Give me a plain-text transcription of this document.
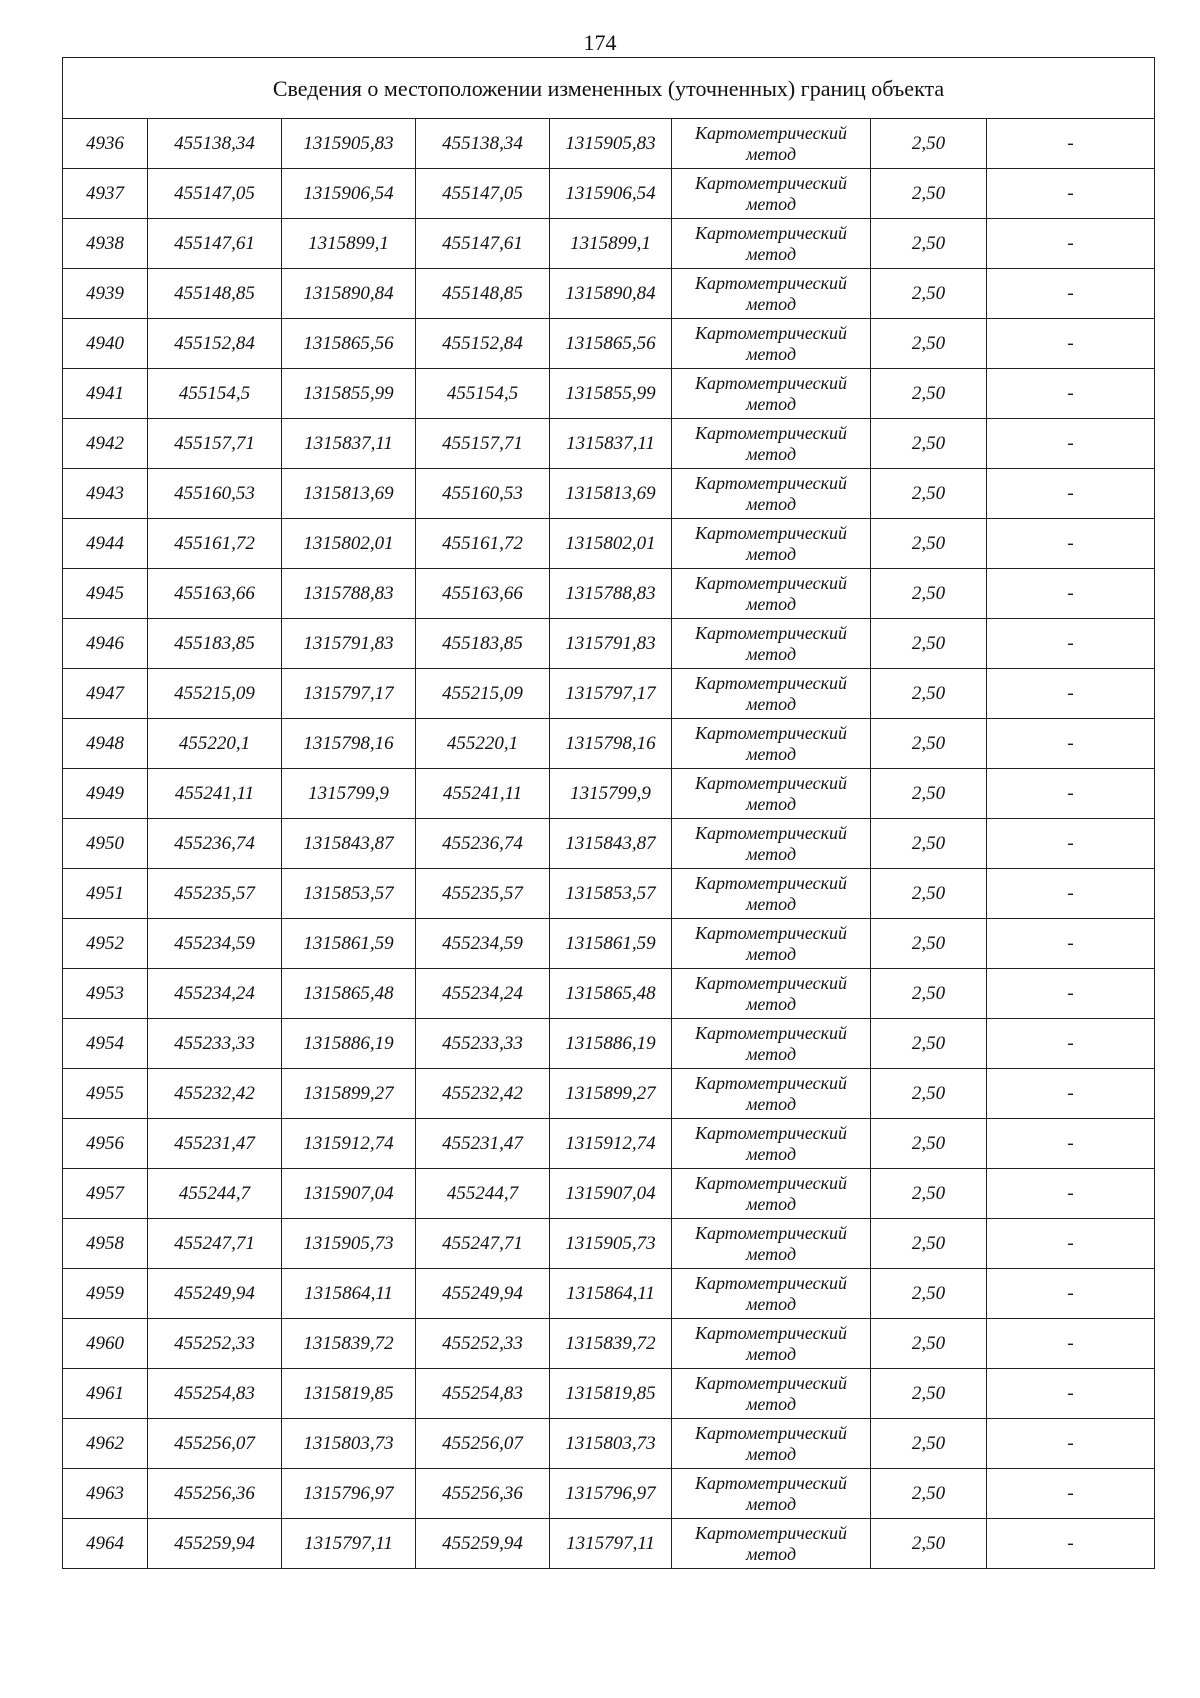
174
Сведения о местоположении измененных (уточненных) границ объекта							
4936	455138,34	1315905,83	455138,34	1315905,83	Картометрический
метод	2,50	-
4937	455147,05	1315906,54	455147,05	1315906,54	Картометрический
метод	2,50	-
4938	455147,61	1315899,1	455147,61	1315899,1	Картометрический
метод	2,50	-
4939	455148,85	1315890,84	455148,85	1315890,84	Картометрический
метод	2,50	-
4940	455152,84	1315865,56	455152,84	1315865,56	Картометрический
метод	2,50	-
4941	455154,5	1315855,99	455154,5	1315855,99	Картометрический
метод	2,50	-
4942	455157,71	1315837,11	455157,71	1315837,11	Картометрический
метод	2,50	-
4943	455160,53	1315813,69	455160,53	1315813,69	Картометрический
метод	2,50	-
4944	455161,72	1315802,01	455161,72	1315802,01	Картометрический
метод	2,50	-
4945	455163,66	1315788,83	455163,66	1315788,83	Картометрический
метод	2,50	-
4946	455183,85	1315791,83	455183,85	1315791,83	Картометрический
метод	2,50	-
4947	455215,09	1315797,17	455215,09	1315797,17	Картометрический
метод	2,50	-
4948	455220,1	1315798,16	455220,1	1315798,16	Картометрический
метод	2,50	-
4949	455241,11	1315799,9	455241,11	1315799,9	Картометрический
метод	2,50	-
4950	455236,74	1315843,87	455236,74	1315843,87	Картометрический
метод	2,50	-
4951	455235,57	1315853,57	455235,57	1315853,57	Картометрический
метод	2,50	-
4952	455234,59	1315861,59	455234,59	1315861,59	Картометрический
метод	2,50	-
4953	455234,24	1315865,48	455234,24	1315865,48	Картометрический
метод	2,50	-
4954	455233,33	1315886,19	455233,33	1315886,19	Картометрический
метод	2,50	-
4955	455232,42	1315899,27	455232,42	1315899,27	Картометрический
метод	2,50	-
4956	455231,47	1315912,74	455231,47	1315912,74	Картометрический
метод	2,50	-
4957	455244,7	1315907,04	455244,7	1315907,04	Картометрический
метод	2,50	-
4958	455247,71	1315905,73	455247,71	1315905,73	Картометрический
метод	2,50	-
4959	455249,94	1315864,11	455249,94	1315864,11	Картометрический
метод	2,50	-
4960	455252,33	1315839,72	455252,33	1315839,72	Картометрический
метод	2,50	-
4961	455254,83	1315819,85	455254,83	1315819,85	Картометрический
метод	2,50	-
4962	455256,07	1315803,73	455256,07	1315803,73	Картометрический
метод	2,50	-
4963	455256,36	1315796,97	455256,36	1315796,97	Картометрический
метод	2,50	-
4964	455259,94	1315797,11	455259,94	1315797,11	Картометрический
метод	2,50	-
